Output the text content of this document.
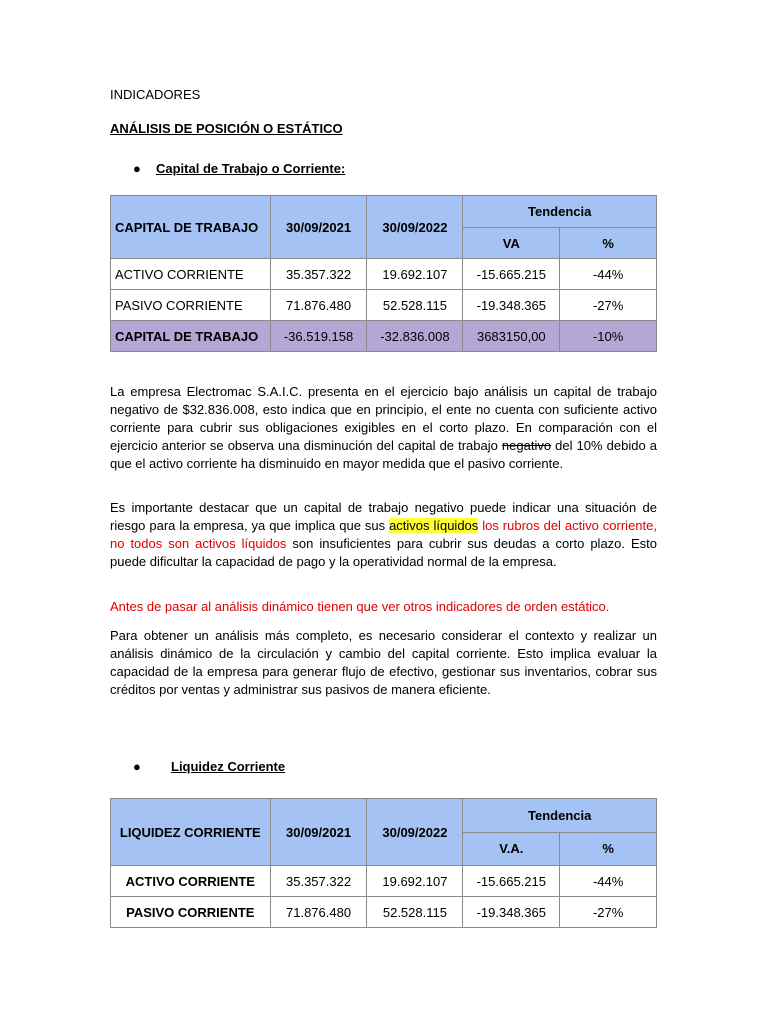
INDICADORES
ANÁLISIS DE POSICIÓN O ESTÁTICO
● Capital de Trabajo o Corriente:
CAPITAL DE TRABAJO	30/09/2021	30/09/2022	Tendencia	
			VA	%
ACTIVO CORRIENTE	35.357.322	19.692.107	-15.665.215	-44%
PASIVO CORRIENTE	71.876.480	52.528.115	-19.348.365	-27%
CAPITAL DE TRABAJO	-36.519.158	-32.836.008	3683150,00	-10%
La empresa Electromac S.A.I.C. presenta en el ejercicio bajo análisis un capital de trabajo negativo de $32.836.008, esto indica que en principio, el ente no cuenta con suficiente activo corriente para cubrir sus obligaciones exigibles en el corto plazo. En comparación con el ejercicio anterior se observa una disminución del capital de trabajo negativo del 10% debido a que el activo corriente ha disminuido en mayor medida que el pasivo corriente.
Es importante destacar que un capital de trabajo negativo puede indicar una situación de riesgo para la empresa, ya que implica que sus activos líquidos los rubros del activo corriente, no todos son activos líquidos son insuficientes para cubrir sus deudas a corto plazo. Esto puede dificultar la capacidad de pago y la operatividad normal de la empresa.
Antes de pasar al análisis dinámico tienen que ver otros indicadores de orden estático.
Para obtener un análisis más completo, es necesario considerar el contexto y realizar un análisis dinámico de la circulación y cambio del capital corriente. Esto implica evaluar la capacidad de la empresa para generar flujo de efectivo, gestionar sus inventarios, cobrar sus créditos por ventas y administrar sus pasivos de manera eficiente.
● Liquidez Corriente
LIQUIDEZ CORRIENTE	30/09/2021	30/09/2022	Tendencia	
			V.A.	%
ACTIVO CORRIENTE	35.357.322	19.692.107	-15.665.215	-44%
PASIVO CORRIENTE	71.876.480	52.528.115	-19.348.365	-27%
